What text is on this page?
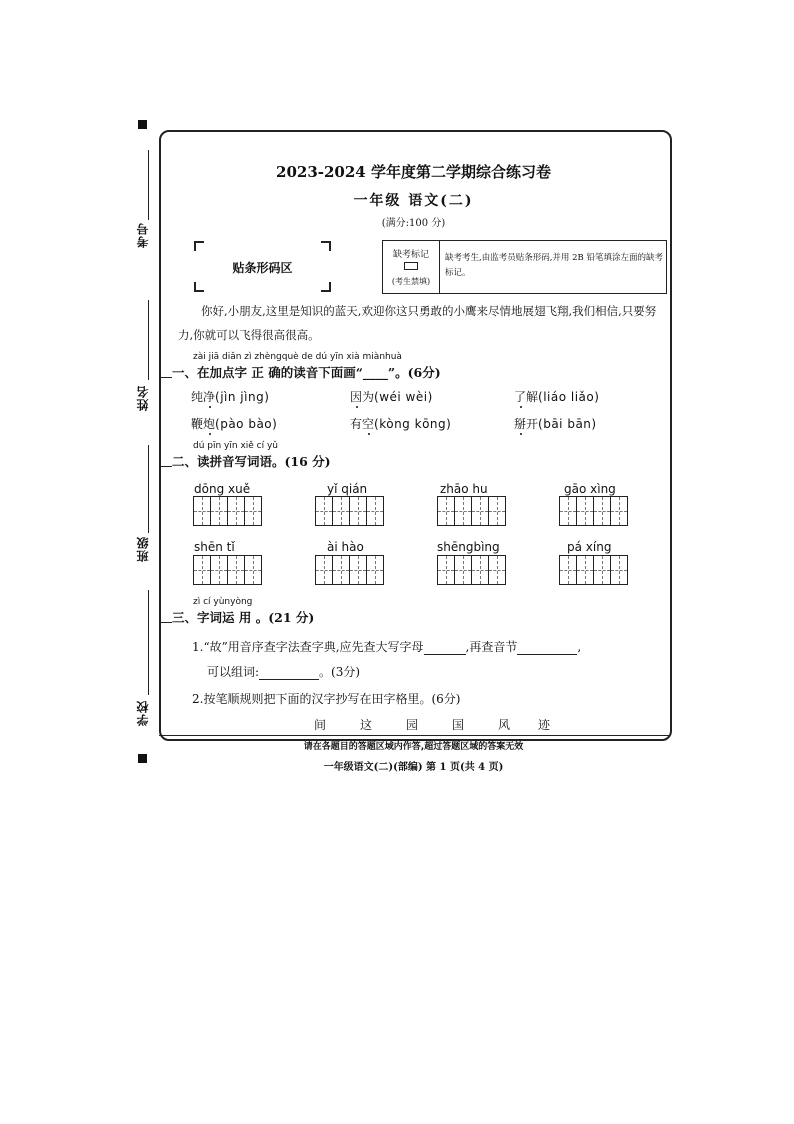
考号
姓名
班级
学校
2023-2024 学年度第二学期综合练习卷
一年级 语文(二)
(满分:100 分)
贴条形码区
缺考标记
(考生禁填)
缺考考生,由监考员贴条形码,并用 2B 铅笔填涂左面的缺考标记。
你好,小朋友,这里是知识的蓝天,欢迎你这只勇敢的小鹰来尽情地展翅飞翔,我们相信,只要努力,你就可以飞得很高很高。
zài jiā diǎn zì zhèngquè de dú yīn xià miànhuà
一、在加点字 正 确的读音下面画“____”。(6分)
纯净(jìn jìng)	因为(wéi wèi)	了解(liáo liǎo)
鞭炮(pào bào)	有空(kòng kōng)	掰开(bāi bān)
dú pīn yīn xiě cí yǔ
二、读拼音写词语。(16 分)
dōng xuě	yǐ qián	zhāo hu	gāo xìng
shēn tǐ	ài hào	shēngbìng	pá xíng
zì cí yùnyòng
三、字词运 用 。(21 分)
1.“故”用音序查字法查字典,应先查大写字母	,再查音节	,
可以组词:	。(3分)
2.按笔顺规则把下面的汉字抄写在田字格里。(6分)
间	这	园	国	风 迹
请在各题目的答题区域内作答,超过答题区域的答案无效
一年级语文(二)(部编) 第 1 页(共 4 页)
